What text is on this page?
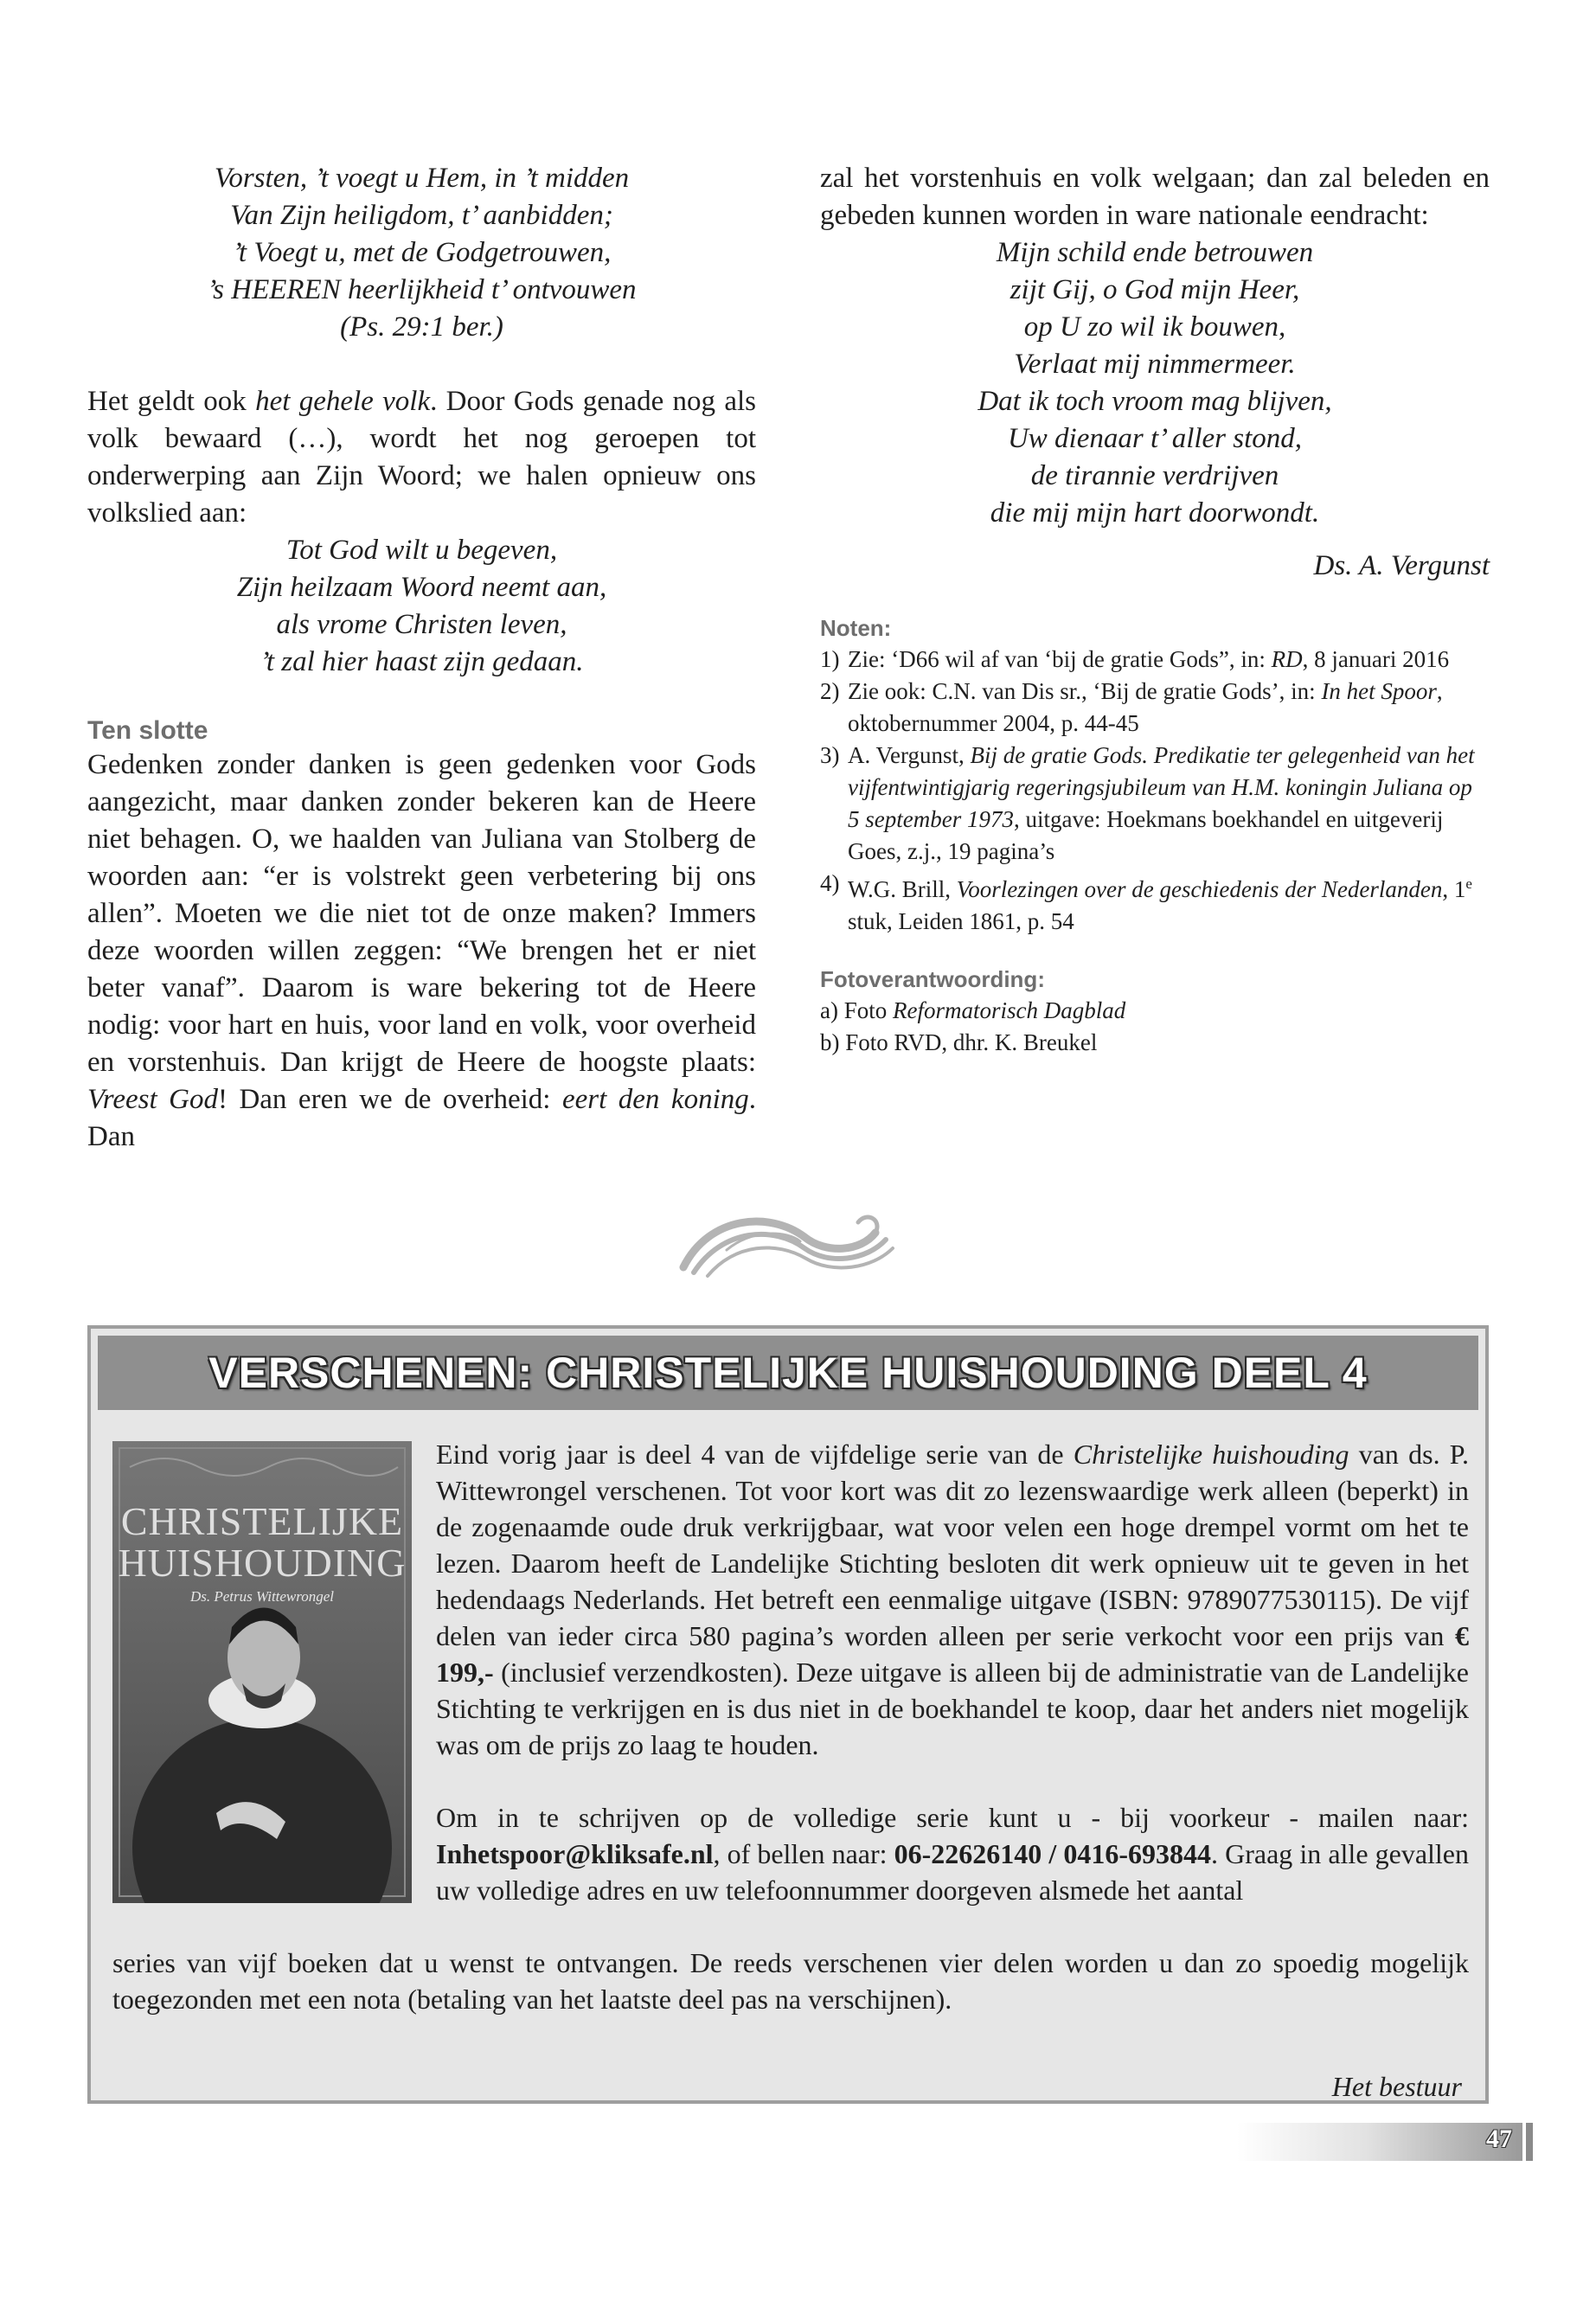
Vorsten, ’t voegt u Hem, in ’t midden
Van Zijn heiligdom, t’ aanbidden;
’t Voegt u, met de Godgetrouwen,
’s HEEREN heerlijkheid t’ ontvouwen
(Ps. 29:1 ber.)

Het geldt ook het gehele volk. Door Gods genade nog als volk bewaard (…), wordt het nog geroepen tot onderwerping aan Zijn Woord; we halen opnieuw ons volkslied aan:

Tot God wilt u begeven,
Zijn heilzaam Woord neemt aan,
als vrome Christen leven,
’t zal hier haast zijn gedaan.
Ten slotte

Gedenken zonder danken is geen gedenken voor Gods aangezicht, maar danken zonder bekeren kan de Heere niet behagen. O, we haalden van Juliana van Stolberg de woorden aan: “er is volstrekt geen verbetering bij ons allen”. Moeten we die niet tot de onze maken? Immers deze woorden willen zeggen: “We brengen het er niet beter vanaf”. Daarom is ware bekering tot de Heere nodig: voor hart en huis, voor land en volk, voor overheid en vorstenhuis. Dan krijgt de Heere de hoogste plaats: Vreest God! Dan eren we de overheid: eert den koning. Dan

zal het vorstenhuis en volk welgaan; dan zal beleden en gebeden kunnen worden in ware nationale eendracht:

Mijn schild ende betrouwen
zijt Gij, o God mijn Heer,
op U zo wil ik bouwen,
Verlaat mij nimmermeer.
Dat ik toch vroom mag blijven,
Uw dienaar t’ aller stond,
de tirannie verdrijven
die mij mijn hart doorwondt.

Ds. A. Vergunst

Noten:
1) Zie: ‘D66 wil af van ‘bij de gratie Gods”, in: RD, 8 januari 2016
2) Zie ook: C.N. van Dis sr., ‘Bij de gratie Gods’, in: In het Spoor, oktobernummer 2004, p. 44-45
3) A. Vergunst, Bij de gratie Gods. Predikatie ter gelegenheid van het vijfentwintigjarig regeringsjubileum van H.M. koningin Juliana op 5 september 1973, uitgave: Hoekmans boekhandel en uitgeverij Goes, z.j., 19 pagina’s
4) W.G. Brill, Voorlezingen over de geschiedenis der Nederlanden, 1e stuk, Leiden 1861, p. 54
Fotoverantwoording:

a) Foto Reformatorisch Dagblad

b) Foto RVD, dhr. K. Breukel

VERSCHENEN: CHRISTELIJKE HUISHOUDING DEEL 4
CHRISTELIJKE
HUISHOUDING
Ds. Petrus Wittewrongel

Eind vorig jaar is deel 4 van de vijfdelige serie van de Christelijke huishouding van ds. P. Wittewrongel verschenen. Tot voor kort was dit zo lezenswaardige werk alleen (beperkt) in de zogenaamde oude druk verkrijgbaar, wat voor velen een hoge drempel vormt om het te lezen. Daarom heeft de Landelijke Stichting besloten dit werk opnieuw uit te geven in het hedendaags Nederlands. Het betreft een eenmalige uitgave (ISBN: 9789077530115). De vijf delen van ieder circa 580 pagina’s worden alleen per serie verkocht voor een prijs van € 199,- (inclusief verzendkosten). Deze uitgave is alleen bij de administratie van de Landelijke Stichting te verkrijgen en is dus niet in de boekhandel te koop, daar het anders niet mogelijk was om de prijs zo laag te houden.

Om in te schrijven op de volledige serie kunt u - bij voorkeur - mailen naar: Inhetspoor@kliksafe.nl, of bellen naar: 06-22626140 / 0416-693844. Graag in alle gevallen uw volledige adres en uw telefoonnummer doorgeven alsmede het aantal

series van vijf boeken dat u wenst te ontvangen. De reeds verschenen vier delen worden u dan zo spoedig mogelijk toegezonden met een nota (betaling van het laatste deel pas na verschijnen).

Het bestuur
47
